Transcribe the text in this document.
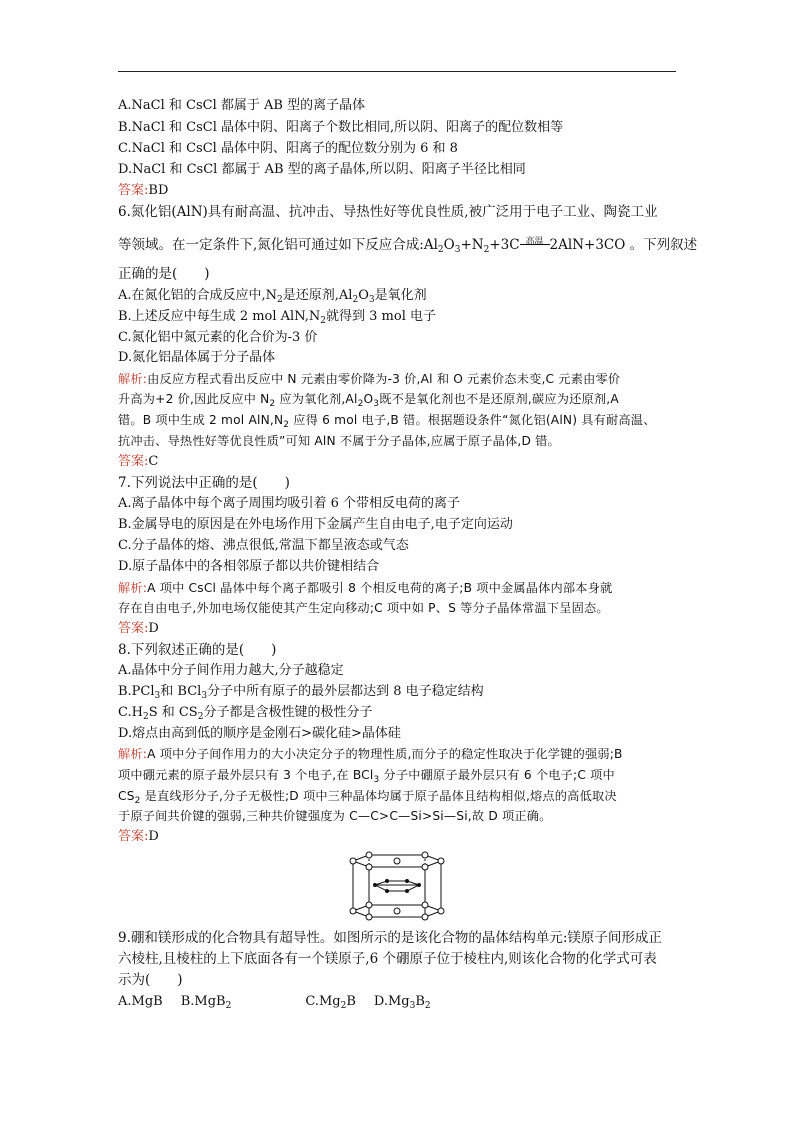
A.NaCl 和 CsCl 都属于 AB 型的离子晶体
B.NaCl 和 CsCl 晶体中阴、阳离子个数比相同,所以阴、阳离子的配位数相等
C.NaCl 和 CsCl 晶体中阴、阳离子的配位数分别为 6 和 8
D.NaCl 和 CsCl 都属于 AB 型的离子晶体,所以阴、阳离子半径比相同
答案:BD
6.氮化铝(AlN)具有耐高温、抗冲击、导热性好等优良性质,被广泛用于电子工业、陶瓷工业
等领域。在一定条件下,氮化铝可通过如下反应合成$:Al_2O_3+N_2+3C$ 高温 2AlN+3CO 。下列叙述
正确的是(　　)
A.在氮化铝的合成反应中$,N_2$是还原剂$,Al_2O_3$是氧化剂
B.上述反应中每生成 2 mol $AlN,N_2$就得到 3 mol 电子
C.氮化铝中氮元素的化合价为-3 价
D.氮化铝晶体属于分子晶体
解析:由反应方程式看出反应中 N 元素由零价降为-3 价,Al 和 O 元素价态未变,C 元素由零价
升高为+2 价,因此反应中 $N_2$ 应为氧化剂$,Al_2O_3$既不是氧化剂也不是还原剂,碳应为还原剂,A
错。B 项中生成 2 mol $AlN,N_2$ 应得 6 mol 电子,B 错。根据题设条件“氮化铝(AlN) 具有耐高温、
抗冲击、导热性好等优良性质”可知 AlN 不属于分子晶体,应属于原子晶体,D 错。
答案:C
7.下列说法中正确的是(　　)
A.离子晶体中每个离子周围均吸引着 6 个带相反电荷的离子
B.金属导电的原因是在外电场作用下金属产生自由电子,电子定向运动
C.分子晶体的熔、沸点很低,常温下都呈液态或气态
D.原子晶体中的各相邻原子都以共价键相结合
解析:A 项中 CsCl 晶体中每个离子都吸引 8 个相反电荷的离子;B 项中金属晶体内部本身就
存在自由电子,外加电场仅能使其产生定向移动;C 项中如 P、S 等分子晶体常温下呈固态。
答案:D
8.下列叙述正确的是(　　)
A.晶体中分子间作用力越大,分子越稳定
B.PCl$_3$和 BCl$_3$分子中所有原子的最外层都达到 8 电子稳定结构
$C.H_2S$ 和 $CS_2$分子都是含极性键的极性分子
D.熔点由高到低的顺序是金刚石>碳化硅>晶体硅
解析:A 项中分子间作用力的大小决定分子的物理性质,而分子的稳定性取决于化学键的强弱;B
项中硼元素的原子最外层只有 3 个电子,在 BCl$_3$ 分子中硼原子最外层只有 6 个电子;C 项中
$CS_2$ 是直线形分子,分子无极性;D 项中三种晶体均属于原子晶体且结构相似,熔点的高低取决
于原子间共价键的强弱,三种共价键强度为 C—C>C—Si>Si—Si,故 D 项正确。
答案:D
9.硼和镁形成的化合物具有超导性。如图所示的是该化合物的晶体结构单元:镁原子间形成正
六棱柱,且棱柱的上下底面各有一个镁原子,6 个硼原子位于棱柱内,则该化合物的化学式可表
示为(　　)
A.MgB B.MgB$_2$	$C.Mg_2B$ $D.Mg_3B_2$
